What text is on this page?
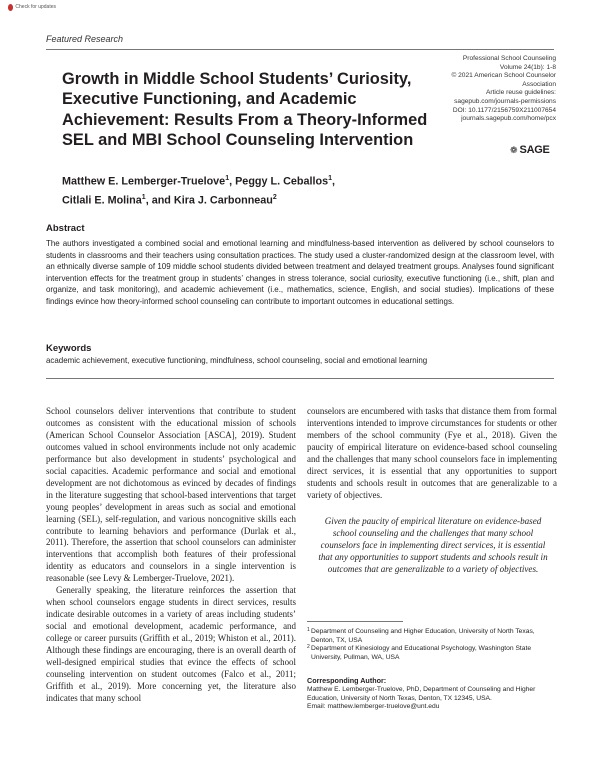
Check for updates
Featured Research
Growth in Middle School Students’ Curiosity, Executive Functioning, and Academic Achievement: Results From a Theory-Informed SEL and MBI School Counseling Intervention
Matthew E. Lemberger-Truelove$^1$, Peggy L. Ceballos$^1$,
Citlali E. Molina$^1$, and Kira J. Carbonneau$^2$
Professional School Counseling
Volume 24(1b): 1-8
© 2021 American School Counselor Association
Article reuse guidelines:
sagepub.com/journals-permissions
DOI: 10.1177/2156759X211007654
journals.sagepub.com/home/pcx
❁ SAGE
Abstract
The authors investigated a combined social and emotional learning and mindfulness-based intervention as delivered by school counselors to students in classrooms and their teachers using consultation practices. The study used a cluster-randomized design at the classroom level, with an ethnically diverse sample of 109 middle school students divided between treatment and delayed treatment groups. Analyses found significant intervention effects for the treatment group in students’ changes in stress tolerance, social curiosity, executive functioning (i.e., shift, plan and organize, and task monitoring), and academic achievement (i.e., mathematics, science, English, and social studies). Implications of these findings evince how theory-informed school counseling can contribute to important outcomes in educational settings.
Keywords
academic achievement, executive functioning, mindfulness, school counseling, social and emotional learning

School counselors deliver interventions that contribute to student outcomes as consistent with the educational mission of schools (American School Counselor Association [ASCA], 2019). Student outcomes valued in school environments include not only academic performance but also development in students’ psychological and social capacities. Academic performance and social and emotional development are not dichotomous as evinced by decades of findings in the literature suggesting that school-based interventions that target young peoples’ development in areas such as social and emotional learning (SEL), self-regulation, and various noncognitive skills each contribute to learning behaviors and performance (Durlak et al., 2011). Therefore, the assertion that school counselors can administer interventions that accomplish both features of their professional identity as educators and counselors in a single intervention is reasonable (see Levy & Lemberger-Truelove, 2021).

Generally speaking, the literature reinforces the assertion that when school counselors engage students in direct services, results indicate desirable outcomes in a variety of areas including students’ social and emotional development, academic performance, and college or career pursuits (Griffith et al., 2019; Whiston et al., 2011). Although these findings are encouraging, there is an overall dearth of well-designed empirical studies that evince the effects of school counseling intervention on student outcomes (Falco et al., 2011; Griffith et al., 2019). More concerning yet, the literature also indicates that many school

counselors are encumbered with tasks that distance them from formal interventions intended to improve circumstances for students or other members of the school community (Fye et al., 2018). Given the paucity of empirical literature on evidence-based school counseling and the challenges that many school counselors face in implementing direct services, it is essential that any opportunities to support students and schools result in outcomes that are generalizable to a variety of objectives.

Given the paucity of empirical literature on evidence-based school counseling and the challenges that many school counselors face in implementing direct services, it is essential that any opportunities to support students and schools result in outcomes that are generalizable to a variety of objectives.
1 Department of Counseling and Higher Education, University of North Texas, Denton, TX, USA
2 Department of Kinesiology and Educational Psychology, Washington State University, Pullman, WA, USA
Corresponding Author:
Matthew E. Lemberger-Truelove, PhD, Department of Counseling and Higher Education, University of North Texas, Denton, TX 12345, USA.
Email: matthew.lemberger-truelove@unt.edu
